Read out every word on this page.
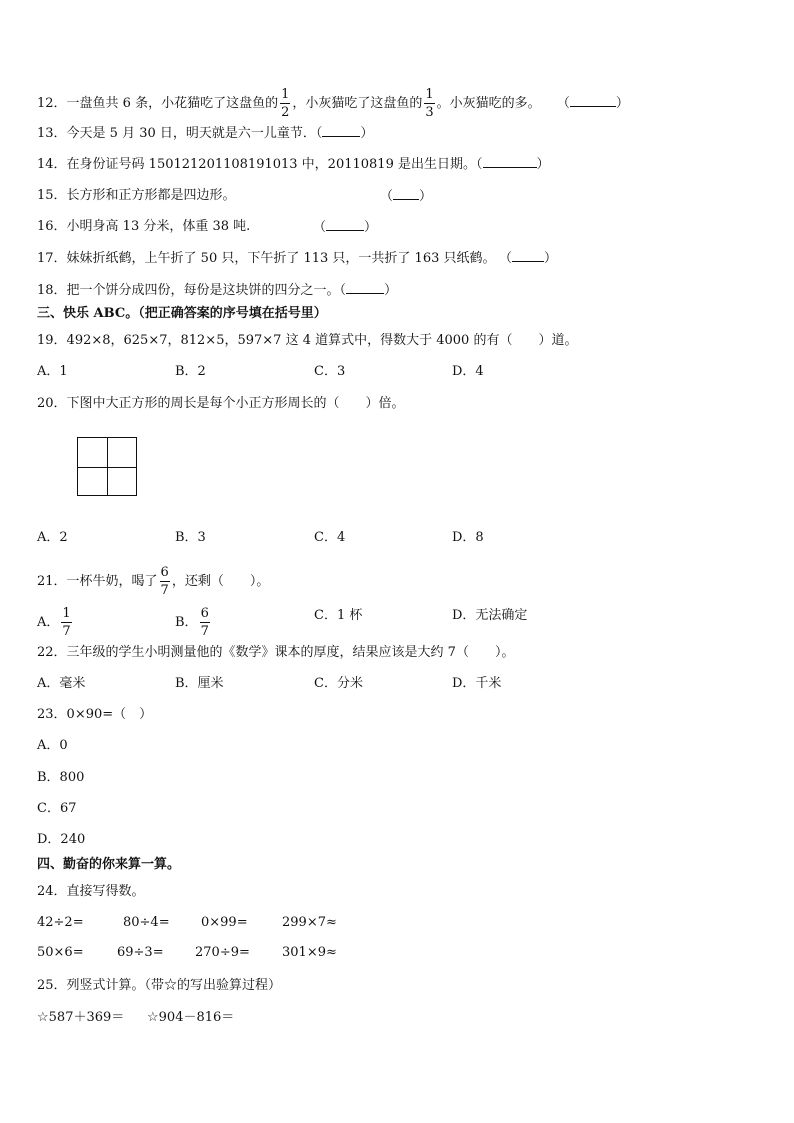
12．一盘鱼共 6 条，小花猫吃了这盘鱼的 $\frac{1}{2}$ ，小灰猫吃了这盘鱼的 $\frac{1}{3}$ 。小灰猫吃的多。 （	）
13．今天是 5 月 30 日，明天就是六一儿童节．（	）
14．在身份证号码 150121201108191013 中，20110819 是出生日期。（	）
15．长方形和正方形都是四边形。	（ ）
16．小明身高 13 分米，体重 38 吨.	（	）
17．妹妹折纸鹤，上午折了 50 只，下午折了 113 只，一共折了 163 只纸鹤。 （ ）
18．把一个饼分成四份，每份是这块饼的四分之一。（	）
三、快乐 ABC。（把正确答案的序号填在括号里）
19．492×8，625×7，812×5，597×7 这 4 道算式中，得数大于 4000 的有（　　）道。
A．1	B．2	C．3	D．4
20．下图中大正方形的周长是每个小正方形周长的（　　）倍。
A．2	B．3	C．4	D．8
21．一杯牛奶，喝了 $\frac{6}{7}$ ，还剩（　　）。
A． $\frac{1}{7}$	B． $\frac{6}{7}$	C．1 杯	D．无法确定
22．三年级的学生小明测量他的《数学》课本的厚度，结果应该是大约 7（　　）。
A．毫米	B．厘米	C．分米	D．千米
23．0×90=（　）
A．0
B．800
C．67
D．240
四、勤奋的你来算一算。
24．直接写得数。
42÷2=	80÷4= 0×99=	299×7≈
50×6=	69÷3= 270÷9= 301×9≈
25．列竖式计算。（带☆的写出验算过程）
☆587＋369＝ ☆904－816＝
